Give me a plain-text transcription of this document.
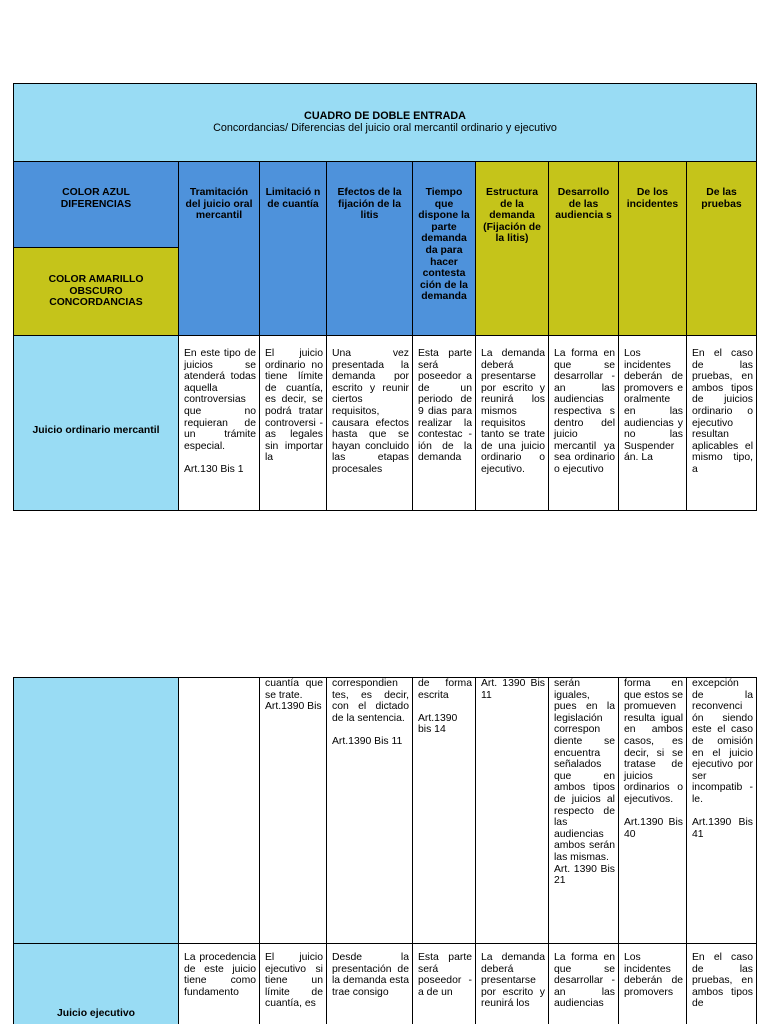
CUADRO DE DOBLE ENTRADA
Concordancias/ Diferencias del juicio oral mercantil ordinario y ejecutivo
COLOR AZUL
DIFERENCIAS
COLOR AMARILLO
OBSCURO
CONCORDANCIAS
Tramitación del juicio oral mercantil
Limitació n de cuantía
Efectos de la fijación de la litis
Tiempo que dispone la parte demanda da para hacer contesta ción de la demanda
Estructura de la demanda (Fijación de la litis)
Desarrollo de las audiencia s
De los incidentes
De las pruebas
Juicio ordinario mercantil
En este tipo de juicios se atenderá todas aquella controversias que no requieran de un trámite especial.

Art.130 Bis 1
El juicio ordinario no tiene límite de cuantía, es decir, se podrá tratar controversi -as legales sin importar la
Una vez presentada la demanda por escrito y reunir ciertos requisitos, causara efectos hasta que se hayan concluido las etapas procesales
Esta parte será poseedor a de un periodo de 9 dias para realizar la contestac -ión de la demanda
La demanda deberá presentarse por escrito y reunirá los mismos requisitos tanto se trate de una juicio ordinario o ejecutivo.
La forma en que se desarrollar -an las audiencias respectiva s dentro del juicio mercantil ya sea ordinario o ejecutivo
Los incidentes deberán de promovers e oralmente en las audiencias y no las Suspender án. La
En el caso de las pruebas, en ambos tipos de juicios ordinario o ejecutivo resultan aplicables el mismo tipo, a
cuantía que se trate.
Art.1390 Bis
correspondien tes, es decir, con el dictado de la sentencia.

Art.1390 Bis 11
de forma escrita

Art.1390 bis 14
Art. 1390 Bis 11
serán iguales, pues en la legislación correspon diente se encuentra señalados que en ambos tipos de juicios al respecto de las audiencias ambos serán las mismas.
Art. 1390 Bis 21
forma en que estos se promueven resulta igual en ambos casos, es decir, si se tratase de juicios ordinarios o ejecutivos.

Art.1390 Bis 40
excepción de la reconvenci ón siendo este el caso de omisión en el juicio ejecutivo por ser incompatib -le.

Art.1390 Bis 41
Juicio ejecutivo
La procedencia de este juicio tiene como fundamento
El juicio ejecutivo si tiene un límite de cuantía, es
Desde la presentación de la demanda esta trae consigo
Esta parte será poseedor -a de un
La demanda deberá presentarse por escrito y reunirá los
La forma en que se desarrollar -an las audiencias
Los incidentes deberán de promovers
En el caso de las pruebas, en ambos tipos de
